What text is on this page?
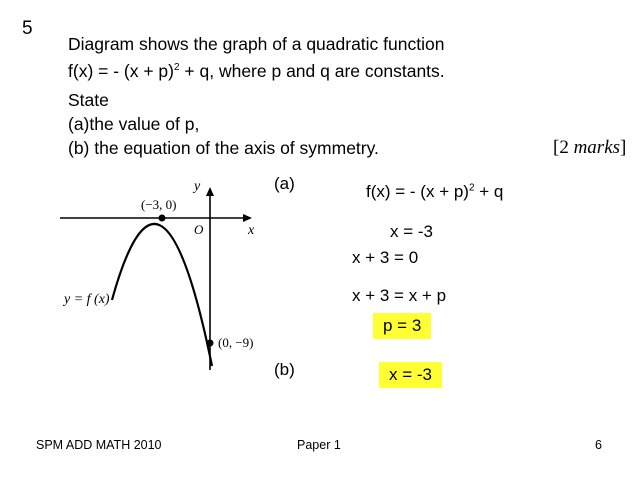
5
Diagram shows the graph of a quadratic function
f(x) = - $(x + p)^2 + q$, where p and q are constants.
State
(a)the value of p,
(b) the equation of the axis of symmetry.	[2 marks]
y
x
O
(−3, 0)
(0, −9)
y = f (x)
(a)	f(x) = - $(x + p)^2 + q$
x = -3
x + 3 = 0
x + 3 = x + p
p = 3
(b)	x = -3
SPM ADD MATH 2010	Paper 1	6
